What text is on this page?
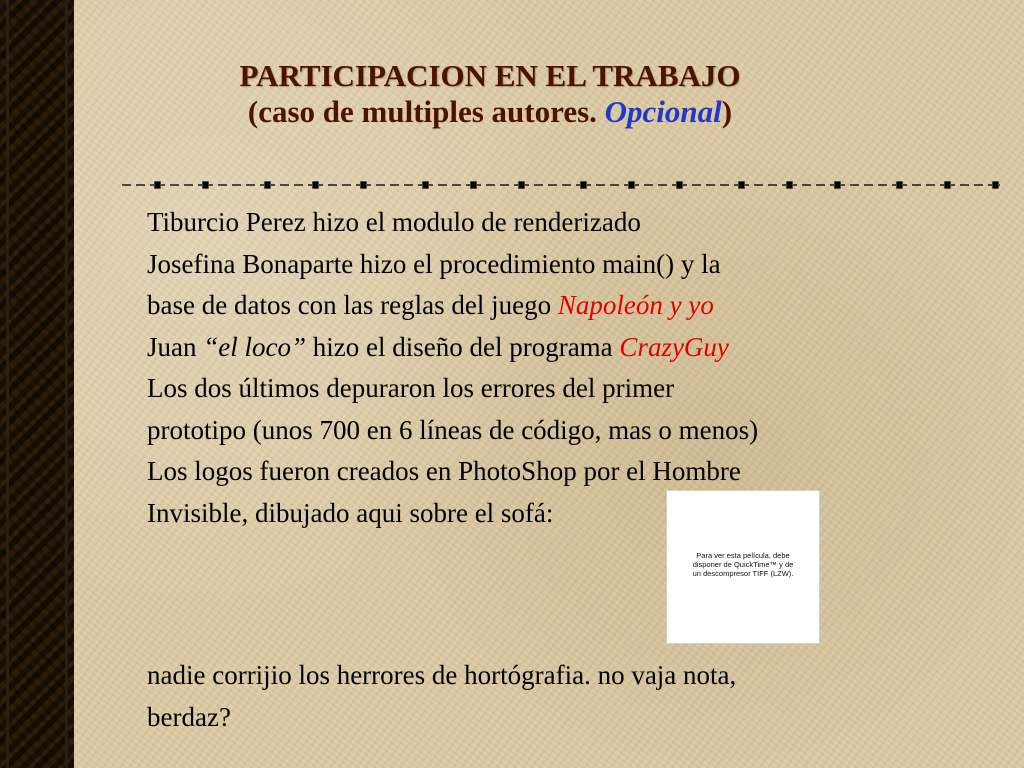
PARTICIPACION EN EL TRABAJO
(caso de multiples autores. Opcional)
Tiburcio Perez hizo el modulo de renderizado
Josefina Bonaparte hizo el procedimiento main() y la
base de datos con las reglas del juego Napoleón y yo
Juan “el loco” hizo el diseño del programa CrazyGuy
Los dos últimos depuraron los errores del primer
prototipo (unos 700 en 6 líneas de código, mas o menos)
Los logos fueron creados en PhotoShop por el Hombre
Invisible, dibujado aqui sobre el sofá:
Para ver esta película, debe
disponer de QuickTime™ y de
un descompresor TIFF (LZW).
nadie corrijio los herrores de hortógrafia. no vaja nota,
berdaz?
